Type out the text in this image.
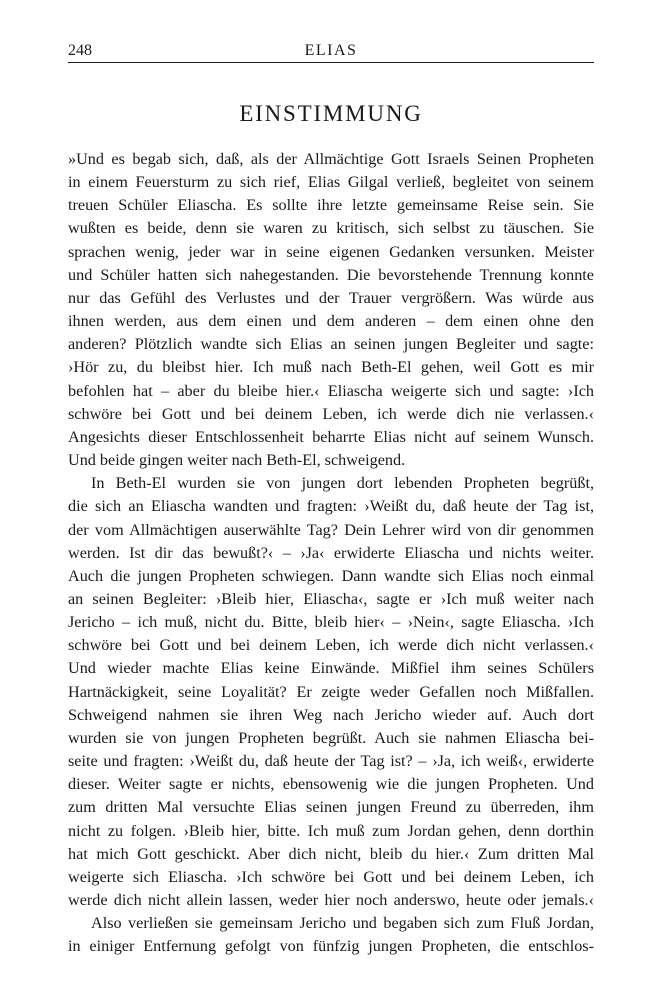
248	ELIAS
EINSTIMMUNG
»Und es begab sich, daß, als der Allmächtige Gott Israels Seinen Propheten
in einem Feuersturm zu sich rief, Elias Gilgal verließ, begleitet von seinem
treuen Schüler Eliascha. Es sollte ihre letzte gemeinsame Reise sein. Sie
wußten es beide, denn sie waren zu kritisch, sich selbst zu täuschen. Sie
sprachen wenig, jeder war in seine eigenen Gedanken versunken. Meister
und Schüler hatten sich nahegestanden. Die bevorstehende Trennung konnte
nur das Gefühl des Verlustes und der Trauer vergrößern. Was würde aus
ihnen werden, aus dem einen und dem anderen – dem einen ohne den
anderen? Plötzlich wandte sich Elias an seinen jungen Begleiter und sagte:
›Hör zu, du bleibst hier. Ich muß nach Beth-El gehen, weil Gott es mir
befohlen hat – aber du bleibe hier.‹ Eliascha weigerte sich und sagte: ›Ich
schwöre bei Gott und bei deinem Leben, ich werde dich nie verlassen.‹
Angesichts dieser Entschlossenheit beharrte Elias nicht auf seinem Wunsch.
Und beide gingen weiter nach Beth-El, schweigend.
In Beth-El wurden sie von jungen dort lebenden Propheten begrüßt,
die sich an Eliascha wandten und fragten: ›Weißt du, daß heute der Tag ist,
der vom Allmächtigen auserwählte Tag? Dein Lehrer wird von dir genommen
werden. Ist dir das bewußt?‹ – ›Ja‹ erwiderte Eliascha und nichts weiter.
Auch die jungen Propheten schwiegen. Dann wandte sich Elias noch einmal
an seinen Begleiter: ›Bleib hier, Eliascha‹, sagte er ›Ich muß weiter nach
Jericho – ich muß, nicht du. Bitte, bleib hier‹ – ›Nein‹, sagte Eliascha. ›Ich
schwöre bei Gott und bei deinem Leben, ich werde dich nicht verlassen.‹
Und wieder machte Elias keine Einwände. Mißfiel ihm seines Schülers
Hartnäckigkeit, seine Loyalität? Er zeigte weder Gefallen noch Mißfallen.
Schweigend nahmen sie ihren Weg nach Jericho wieder auf. Auch dort
wurden sie von jungen Propheten begrüßt. Auch sie nahmen Eliascha bei-
seite und fragten: ›Weißt du, daß heute der Tag ist? – ›Ja, ich weiß‹, erwiderte
dieser. Weiter sagte er nichts, ebensowenig wie die jungen Propheten. Und
zum dritten Mal versuchte Elias seinen jungen Freund zu überreden, ihm
nicht zu folgen. ›Bleib hier, bitte. Ich muß zum Jordan gehen, denn dorthin
hat mich Gott geschickt. Aber dich nicht, bleib du hier.‹ Zum dritten Mal
weigerte sich Eliascha. ›Ich schwöre bei Gott und bei deinem Leben, ich
werde dich nicht allein lassen, weder hier noch anderswo, heute oder jemals.‹
Also verließen sie gemeinsam Jericho und begaben sich zum Fluß Jordan,
in einiger Entfernung gefolgt von fünfzig jungen Propheten, die entschlos-
